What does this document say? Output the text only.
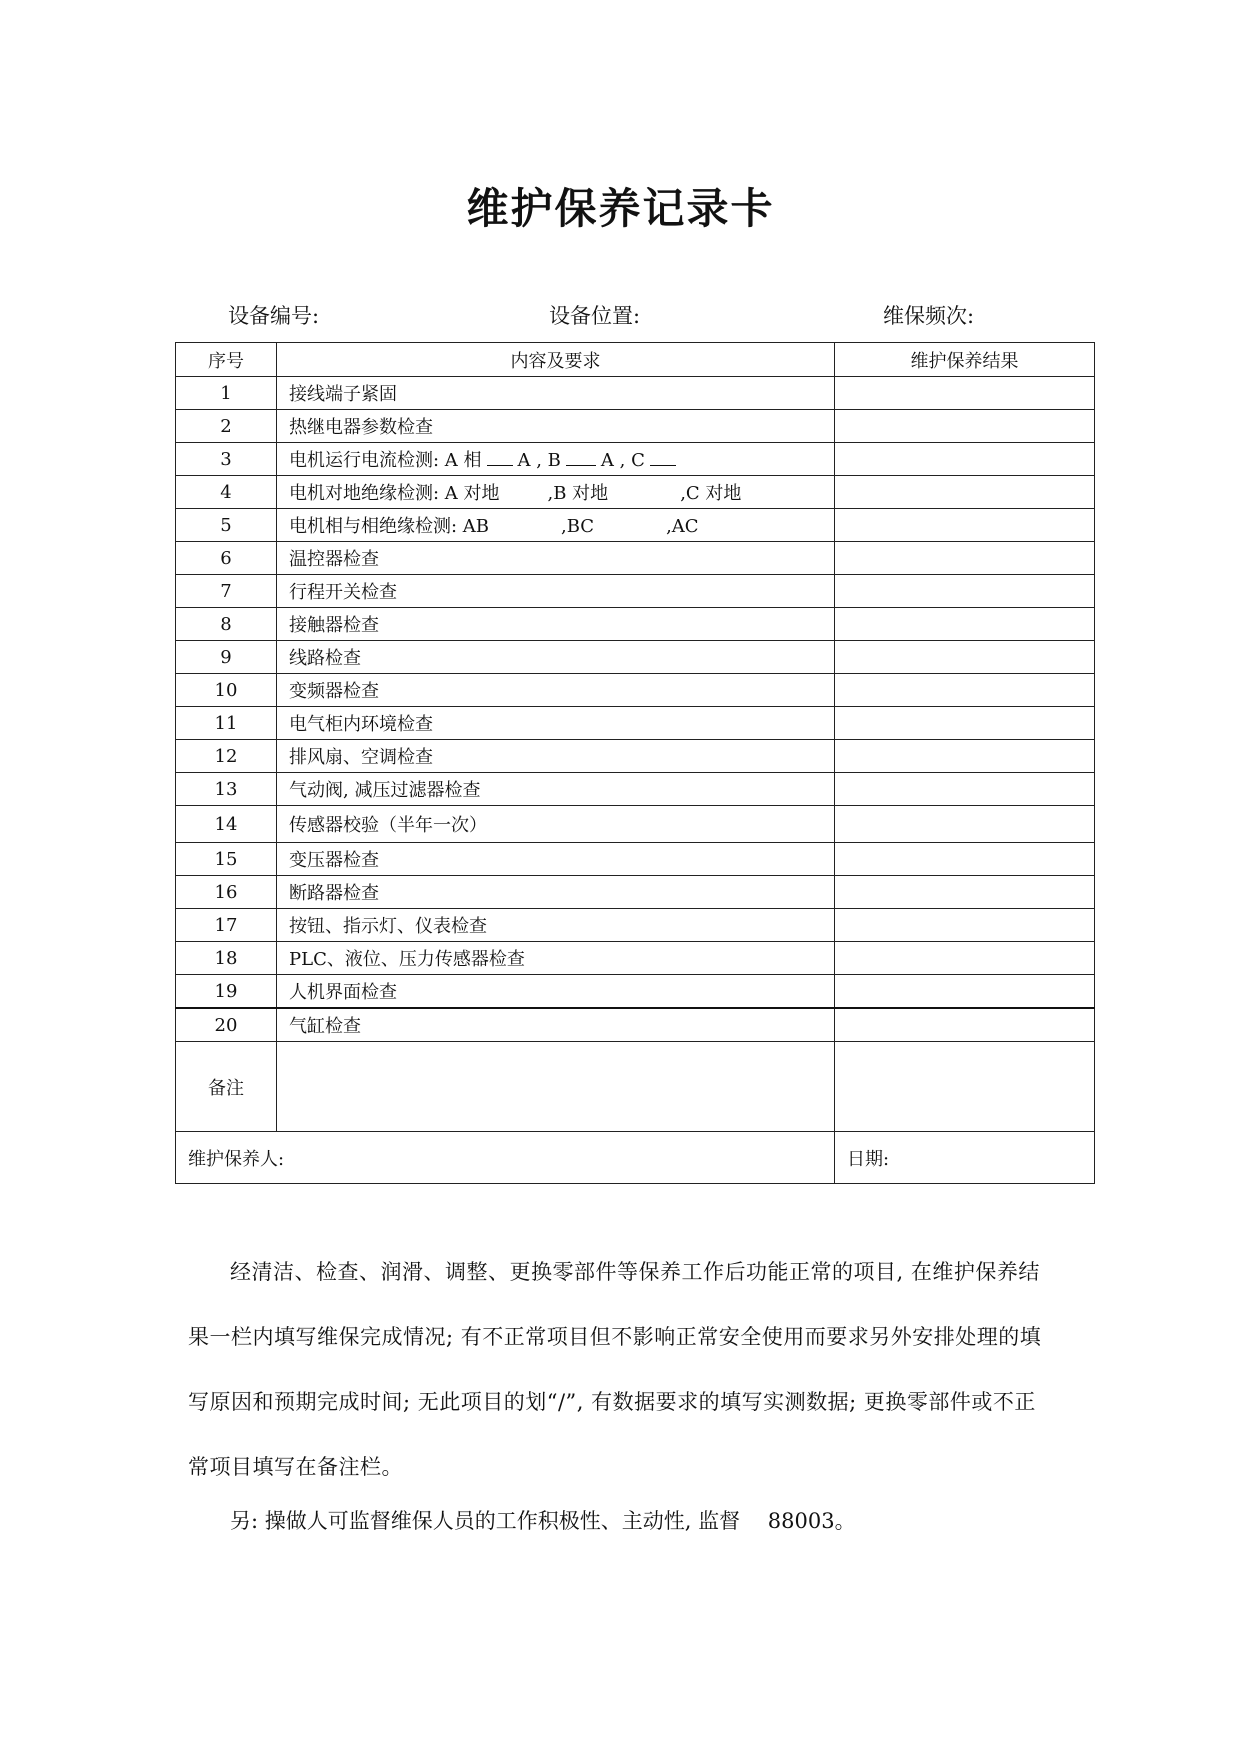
维护保养记录卡
设备编号:	设备位置:	维保频次:
序号	内容及要求	维护保养结果
1	接线端子紧固	
2	热继电器参数检查	
3	电机运行电流检测: A 相 A , B A , C	
4	电机对地绝缘检测: A 对地 ,B 对地 ,C 对地	
5	电机相与相绝缘检测: AB ,BC ,AC	
6	温控器检查	
7	行程开关检查	
8	接触器检查	
9	线路检查	
10	变频器检查	
11	电气柜内环境检查	
12	排风扇、空调检查	
13	气动阀, 减压过滤器检查	
14	传感器校验（半年一次）	
15	变压器检查	
16	断路器检查	
17	按钮、指示灯、仪表检查	
18	PLC、液位、压力传感器检查	
19	人机界面检查	
20	气缸检查	
备注		
维护保养人:		日期:
经清洁、检查、润滑、调整、更换零部件等保养工作后功能正常的项目, 在维护保养结果一栏内填写维保完成情况; 有不正常项目但不影响正常安全使用而要求另外安排处理的填写原因和预期完成时间; 无此项目的划“/”, 有数据要求的填写实测数据; 更换零部件或不正常项目填写在备注栏。
另: 操做人可监督维保人员的工作积极性、主动性, 监督　 88003。
